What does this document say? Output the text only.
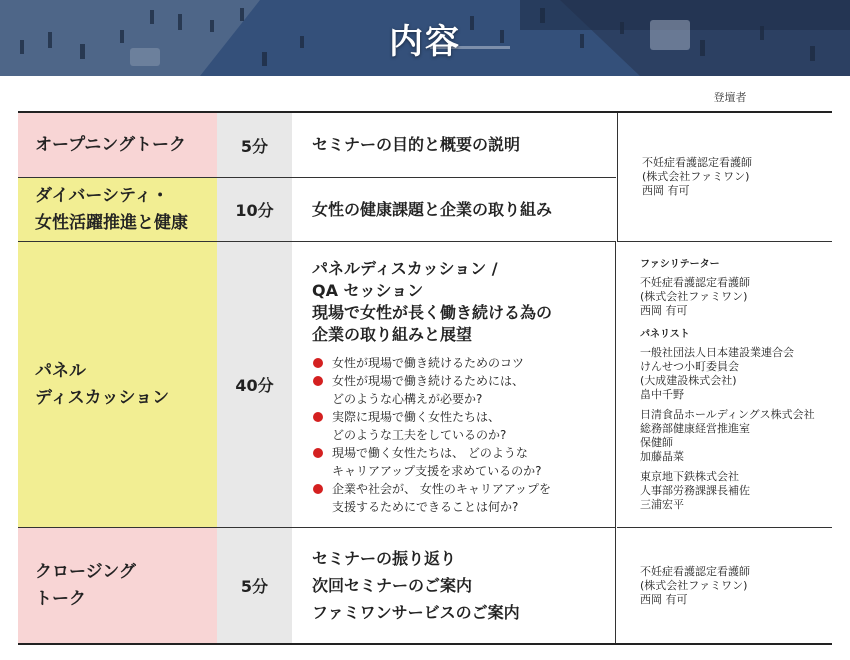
内容
登壇者
オープニングトーク	5分	セミナーの目的と概要の説明
ダイバーシティ・
女性活躍推進と健康
10分 女性の健康課題と企業の取り組み
不妊症看護認定看護師
(株式会社ファミワン)
西岡 有可
パネル
ディスカッション
40分
パネルディスカッション /
QA セッション
現場で女性が長く働き続ける為の
企業の取り組みと展望
女性が現場で働き続けるためのコツ
女性が現場で働き続けるためには、
どのような心構えが必要か?
実際に現場で働く女性たちは、
どのような工夫をしているのか?
現場で働く女性たちは、 どのような
キャリアアップ支援を求めているのか?
企業や社会が、 女性のキャリアアップを
支援するためにできることは何か?
ファシリテーター
不妊症看護認定看護師
(株式会社ファミワン)
西岡 有可
パネリスト
一般社団法人日本建設業連合会
けんせつ小町委員会
(大成建設株式会社)
畠中千野
日清食品ホールディングス株式会社
総務部健康経営推進室
保健師
加藤晶菜
東京地下鉄株式会社
人事部労務課課長補佐
三浦宏平
クロージング
トーク
5分
セミナーの振り返り
次回セミナーのご案内
ファミワンサービスのご案内
不妊症看護認定看護師
(株式会社ファミワン)
西岡 有可
